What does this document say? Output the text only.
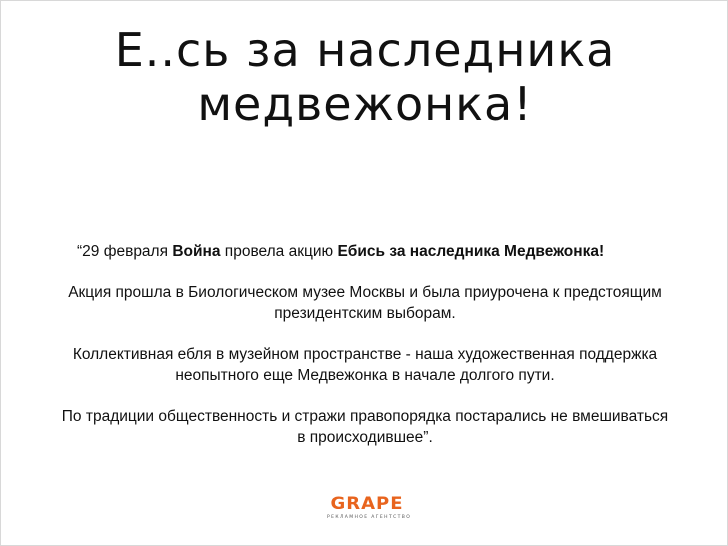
Е..сь за наследника
медвежонка!

“29 февраля Война провела акцию Ебись за наследника Медвежонка!

Акция прошла в Биологическом музее Москвы и была приурочена к предстоящим президентским выборам.

Коллективная ебля в музейном пространстве - наша художественная поддержка неопытного еще Медвежонка в начале долгого пути.

По традиции общественность и стражи правопорядка постарались не вмешиваться в происходившее”.

GRAPE
РЕКЛАМНОЕ АГЕНТСТВО
